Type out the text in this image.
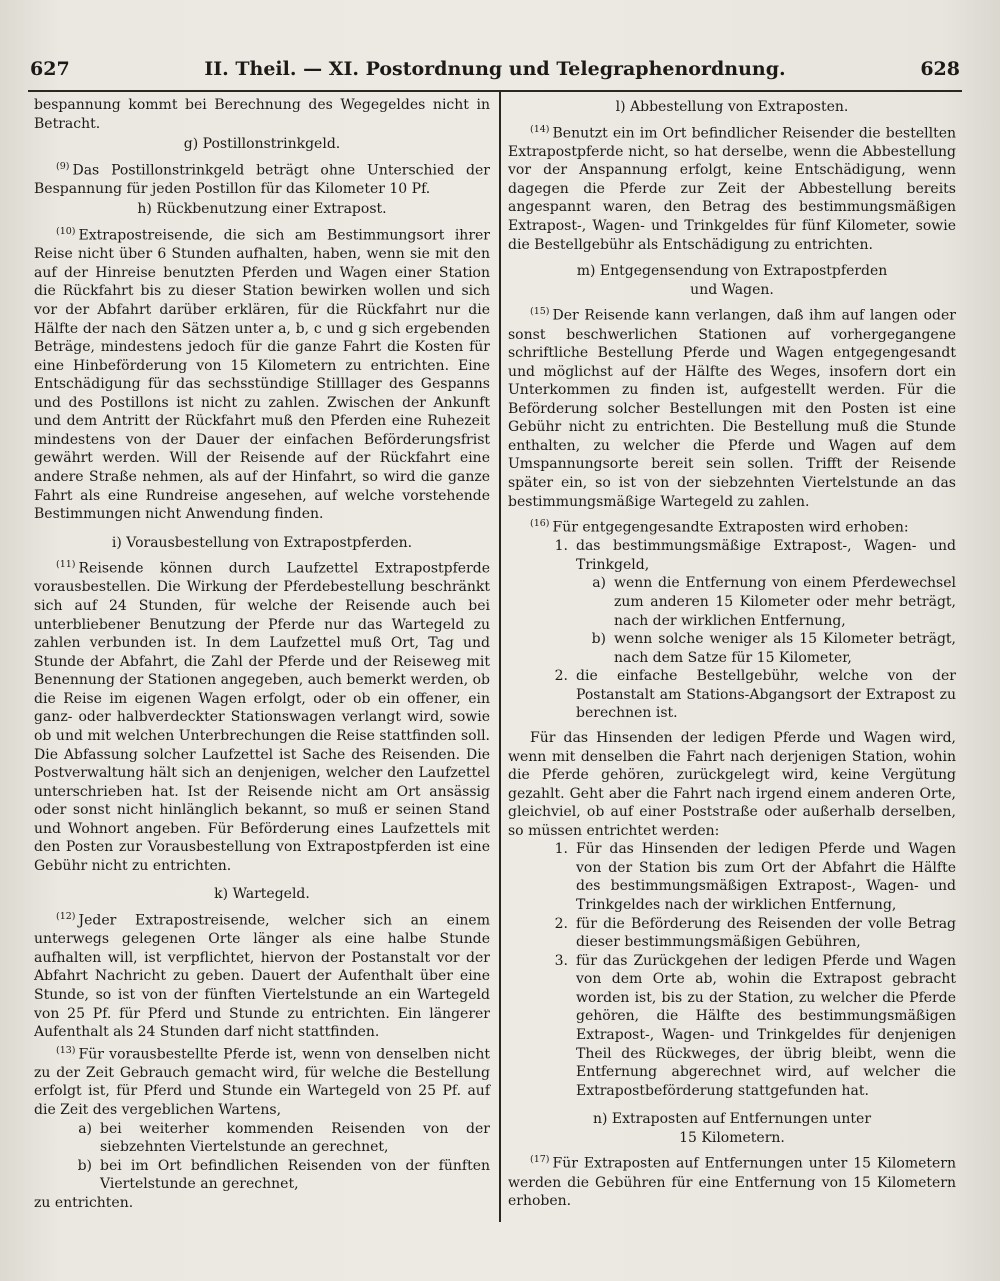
627	II. Theil. — XI. Postordnung und Telegraphenordnung.	628

bespannung kommt bei Berechnung des Wegegeldes nicht in Betracht.

g) Postillonstrinkgeld.

$^{(9)}$ Das Postillonstrinkgeld beträgt ohne Unterschied der Bespannung für jeden Postillon für das Kilometer 10 Pf.

h) Rückbenutzung einer Extrapost.

$^{(10)}$ Extrapostreisende, die sich am Bestimmungsort ihrer Reise nicht über 6 Stunden aufhalten, haben, wenn sie mit den auf der Hinreise benutzten Pferden und Wagen einer Station die Rückfahrt bis zu dieser Station bewirken wollen und sich vor der Abfahrt darüber erklären, für die Rückfahrt nur die Hälfte der nach den Sätzen unter a, b, c und g sich ergebenden Beträge, mindestens jedoch für die ganze Fahrt die Kosten für eine Hinbeförderung von 15 Kilometern zu entrichten. Eine Entschädigung für das sechsstündige Stilllager des Gespanns und des Postillons ist nicht zu zahlen. Zwischen der Ankunft und dem Antritt der Rückfahrt muß den Pferden eine Ruhezeit mindestens von der Dauer der einfachen Beförderungsfrist gewährt werden. Will der Reisende auf der Rückfahrt eine andere Straße nehmen, als auf der Hinfahrt, so wird die ganze Fahrt als eine Rundreise angesehen, auf welche vorstehende Bestimmungen nicht Anwendung finden.

i) Vorausbestellung von Extrapostpferden.

$^{(11)}$ Reisende können durch Laufzettel Extrapostpferde vorausbestellen. Die Wirkung der Pferdebestellung beschränkt sich auf 24 Stunden, für welche der Reisende auch bei unterbliebener Benutzung der Pferde nur das Wartegeld zu zahlen verbunden ist. In dem Laufzettel muß Ort, Tag und Stunde der Abfahrt, die Zahl der Pferde und der Reiseweg mit Benennung der Stationen angegeben, auch bemerkt werden, ob die Reise im eigenen Wagen erfolgt, oder ob ein offener, ein ganz- oder halbverdeckter Stationswagen verlangt wird, sowie ob und mit welchen Unterbrechungen die Reise stattfinden soll. Die Abfassung solcher Laufzettel ist Sache des Reisenden. Die Postverwaltung hält sich an denjenigen, welcher den Laufzettel unterschrieben hat. Ist der Reisende nicht am Ort ansässig oder sonst nicht hinlänglich bekannt, so muß er seinen Stand und Wohnort angeben. Für Beförderung eines Laufzettels mit den Posten zur Vorausbestellung von Extrapostpferden ist eine Gebühr nicht zu entrichten.

k) Wartegeld.

$^{(12)}$ Jeder Extrapostreisende, welcher sich an einem unterwegs gelegenen Orte länger als eine halbe Stunde aufhalten will, ist verpflichtet, hiervon der Postanstalt vor der Abfahrt Nachricht zu geben. Dauert der Aufenthalt über eine Stunde, so ist von der fünften Viertelstunde an ein Wartegeld von 25 Pf. für Pferd und Stunde zu entrichten. Ein längerer Aufenthalt als 24 Stunden darf nicht stattfinden.

$^{(13)}$ Für vorausbestellte Pferde ist, wenn von denselben nicht zu der Zeit Gebrauch gemacht wird, für welche die Bestellung erfolgt ist, für Pferd und Stunde ein Wartegeld von 25 Pf. auf die Zeit des vergeblichen Wartens,

a) bei weiterher kommenden Reisenden von der siebzehnten Viertelstunde an gerechnet,
b) bei im Ort befindlichen Reisenden von der fünften Viertelstunde an gerechnet,

zu entrichten.

l) Abbestellung von Extraposten.

$^{(14)}$ Benutzt ein im Ort befindlicher Reisender die bestellten Extrapostpferde nicht, so hat derselbe, wenn die Abbestellung vor der Anspannung erfolgt, keine Entschädigung, wenn dagegen die Pferde zur Zeit der Abbestellung bereits angespannt waren, den Betrag des bestimmungsmäßigen Extrapost-, Wagen- und Trinkgeldes für fünf Kilometer, sowie die Bestellgebühr als Entschädigung zu entrichten.

m) Entgegensendung von Extrapostpferden

und Wagen.

$^{(15)}$ Der Reisende kann verlangen, daß ihm auf langen oder sonst beschwerlichen Stationen auf vorhergegangene schriftliche Bestellung Pferde und Wagen entgegengesandt und möglichst auf der Hälfte des Weges, insofern dort ein Unterkommen zu finden ist, aufgestellt werden. Für die Beförderung solcher Bestellungen mit den Posten ist eine Gebühr nicht zu entrichten. Die Bestellung muß die Stunde enthalten, zu welcher die Pferde und Wagen auf dem Umspannungsorte bereit sein sollen. Trifft der Reisende später ein, so ist von der siebzehnten Viertelstunde an das bestimmungsmäßige Wartegeld zu zahlen.

$^{(16)}$ Für entgegengesandte Extraposten wird erhoben:

1. das bestimmungsmäßige Extrapost-, Wagen- und Trinkgeld,
a) wenn die Entfernung von einem Pferdewechsel zum anderen 15 Kilometer oder mehr beträgt, nach der wirklichen Entfernung,
b) wenn solche weniger als 15 Kilometer beträgt, nach dem Satze für 15 Kilometer,
2. die einfache Bestellgebühr, welche von der Postanstalt am Stations-Abgangsort der Extrapost zu berechnen ist.

Für das Hinsenden der ledigen Pferde und Wagen wird, wenn mit denselben die Fahrt nach derjenigen Station, wohin die Pferde gehören, zurückgelegt wird, keine Vergütung gezahlt. Geht aber die Fahrt nach irgend einem anderen Orte, gleichviel, ob auf einer Poststraße oder außerhalb derselben, so müssen entrichtet werden:

1. Für das Hinsenden der ledigen Pferde und Wagen von der Station bis zum Ort der Abfahrt die Hälfte des bestimmungsmäßigen Extrapost-, Wagen- und Trinkgeldes nach der wirklichen Entfernung,
2. für die Beförderung des Reisenden der volle Betrag dieser bestimmungsmäßigen Gebühren,
3. für das Zurückgehen der ledigen Pferde und Wagen von dem Orte ab, wohin die Extrapost gebracht worden ist, bis zu der Station, zu welcher die Pferde gehören, die Hälfte des bestimmungsmäßigen Extrapost-, Wagen- und Trinkgeldes für denjenigen Theil des Rückweges, der übrig bleibt, wenn die Entfernung abgerechnet wird, auf welcher die Extrapostbeförderung stattgefunden hat.

n) Extraposten auf Entfernungen unter

15 Kilometern.

$^{(17)}$ Für Extraposten auf Entfernungen unter 15 Kilometern werden die Gebühren für eine Entfernung von 15 Kilometern erhoben.
